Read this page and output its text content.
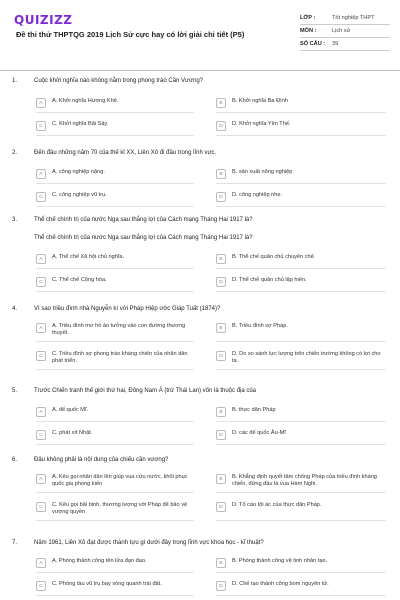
QUIZIZZ
Đề thi thử THPTQG 2019 Lịch Sử cực hay có lời giải chi tiết (P5)
LỚP :	Tốt nghiệp THPT
MÔN :	Lịch sử
SỐ CÂU :	39
1.	Cuộc khởi nghĩa nào không nằm trong phong trào Cần Vương?
A	A. Khởi nghĩa Hương Khê.	B	B. Khởi nghĩa Ba Đình
C	C. Khởi nghĩa Bãi Sậy.	D	D. Khởi nghĩa Yên Thế.
2.	Đến đầu những năm 70 của thế kỉ XX, Liên Xô đi đầu trong lĩnh vực.
A	A. công nghiệp nặng.	B	B. sản xuất nông nghiệp
C	C. công nghiệp vũ trụ.	D	D. công nghiệp nhẹ.
3.	Thể chế chính trị của nước Nga sau thắng lợi của Cách mạng Tháng Hai 1917 là?
Thể chế chính trị của nước Nga sau thắng lợi của Cách mạng Tháng Hai 1917 là?
A	A. Thể chế Xã hội chủ nghĩa.	B	B. Thể chế quân chủ chuyên chế.
C	C. Thể chế Cộng hòa.	D	D. Thể chế quân chủ lập hiến.
4.	Vì sao triều đình nhà Nguyễn kí với Pháp Hiệp ước Giáp Tuất (1874)?
A	A. Triều đình mơ hồ ảo tưởng vào con đường thương thuyết.
B	B. Triều đình sợ Pháp.
C	C. Triều đình sợ phong trào kháng chiến của nhân dân phát triển.
D	D. Do so sánh lực lượng trên chiến trường không có lợi cho ta.
5.	Trước Chiến tranh thế giới thứ hai, Đông Nam Á (trừ Thái Lan) vốn là thuộc địa của
A	A. đế quốc Mĩ.	B	B. thực dân Pháp
C	C. phát xít Nhật.	D	D. các đế quốc Âu-Mĩ
6.	Đâu không phải là nội dung của chiếu cần vương?
A	A. Kêu gọi nhân dân lên giúp vua cứu nước, khôi phục quốc gia phong kiến
B	B. Khẳng định quyết tâm chống Pháp của triều đình kháng chiến, đứng đầu là vua Hàm Nghi.
C	C. Kêu gọi bãi binh, thương lượng với Pháp để bảo vệ vương quyền
D	D. Tố cáo tội ác của thực dân Pháp.
7.	Năm 1961, Liên Xô đạt được thành tựu gì dưới đây trong lĩnh vực khoa học - kĩ thuật?
A	A. Phóng thành công tên lửa đạn đạo.	B	B. Phóng thành công vệ tinh nhân tạo.
C	C. Phóng tàu vũ trụ bay vòng quanh trái đất.	D	D. Chế tạo thành công bom nguyên tử.
